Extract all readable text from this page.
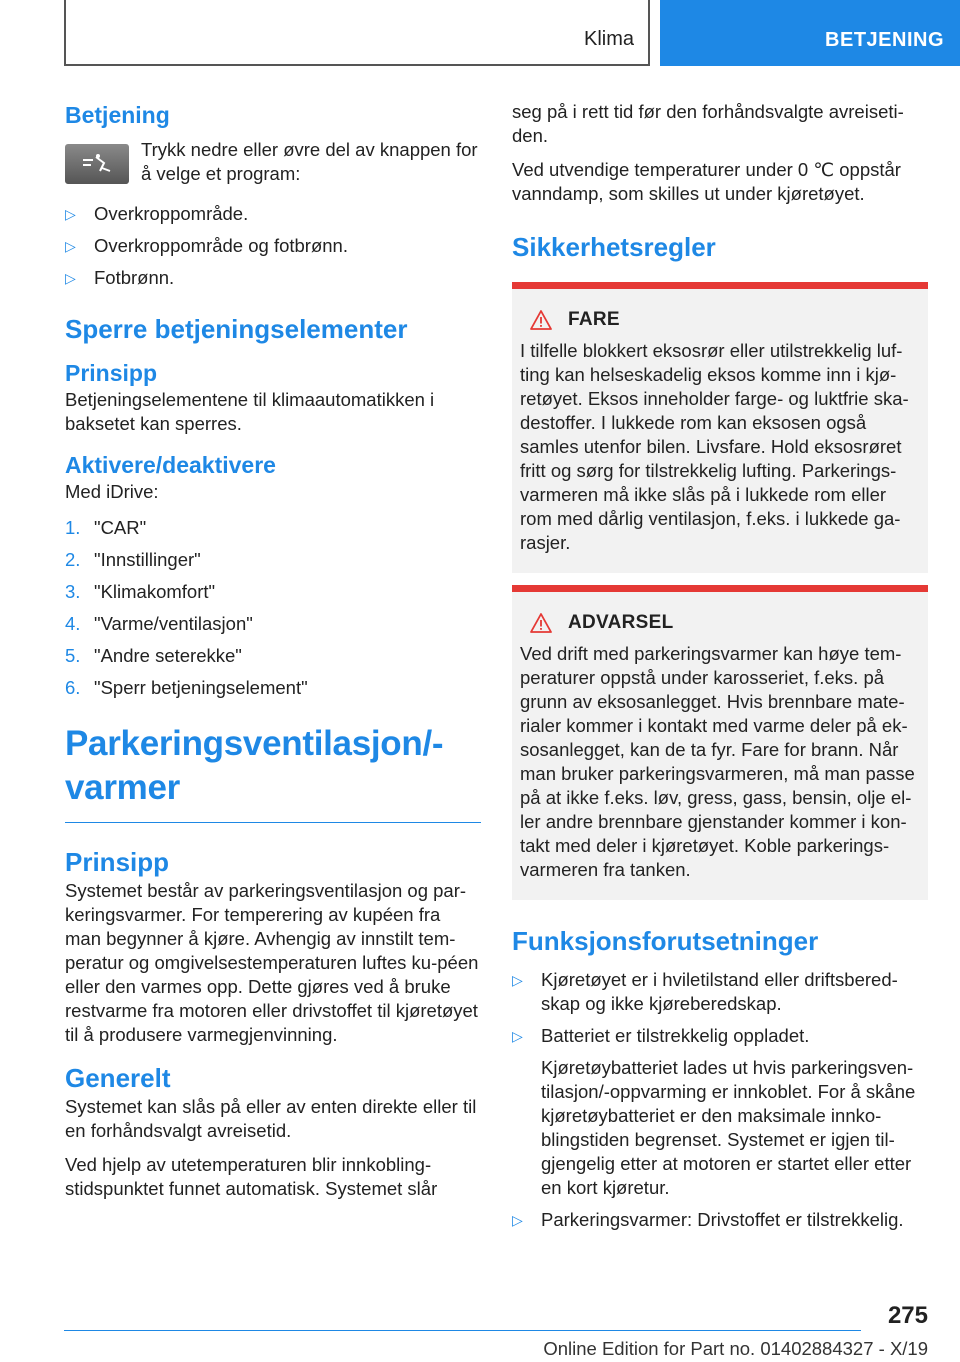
Klima	BETJENING
Betjening

Trykk nedre eller øvre del av knappen for å velge et program:

▷ Overkroppområde.
▷ Overkroppområde og fotbrønn.
▷ Fotbrønn.
Sperre betjeningselementer
Prinsipp

Betjeningselementene til klimaautomatikken i baksetet kan sperres.

Aktivere/deaktivere

Med iDrive:

1. "CAR"
2. "Innstillinger"
3. "Klimakomfort"
4. "Varme/ventilasjon"
5. "Andre seterekke"
6. "Sperr betjeningselement"
Parkeringsventilasjon/‐
varmer
Prinsipp

Systemet består av parkeringsventilasjon og par‐keringsvarmer. For temperering av kupéen fra man begynner å kjøre. Avhengig av innstilt tem‐peratur og omgivelsestemperaturen luftes ku‐péen eller den varmes opp. Dette gjøres ved å bruke restvarme fra motoren eller drivstoffet til kjøretøyet til å produsere varmegjenvinning.

Generelt

Systemet kan slås på eller av enten direkte eller til en forhåndsvalgt avreisetid.

Ved hjelp av utetemperaturen blir innkobling‐stidspunktet funnet automatisk. Systemet slår

seg på i rett tid før den forhåndsvalgte avreiseti‐den.

Ved utvendige temperaturer under 0 ℃ oppstår vanndamp, som skilles ut under kjøretøyet.

Sikkerhetsregler
FARE

I tilfelle blokkert eksosrør eller utilstrekkelig luf‐ting kan helseskadelig eksos komme inn i kjø‐retøyet. Eksos inneholder farge- og luktfrie ska‐destoffer. I lukkede rom kan eksosen også samles utenfor bilen. Livsfare. Hold eksosrøret fritt og sørg for tilstrekkelig lufting. Parkerings‐varmeren må ikke slås på i lukkede rom eller rom med dårlig ventilasjon, f.eks. i lukkede ga‐rasjer.

ADVARSEL

Ved drift med parkeringsvarmer kan høye tem‐peraturer oppstå under karosseriet, f.eks. på grunn av eksosanlegget. Hvis brennbare mate‐rialer kommer i kontakt med varme deler på ek‐sosanlegget, kan de ta fyr. Fare for brann. Når man bruker parkeringsvarmeren, må man passe på at ikke f.eks. løv, gress, gass, bensin, olje el‐ler andre brennbare gjenstander kommer i kon‐takt med deler i kjøretøyet. Koble parkerings‐varmeren fra tanken.

Funksjonsforutsetninger
▷ Kjøretøyet er i hviletilstand eller driftsbered‐skap og ikke kjøreberedskap.
▷ Batteriet er tilstrekkelig oppladet.

Kjøretøybatteriet lades ut hvis parkeringsven‐tilasjon/-oppvarming er innkoblet. For å skåne kjøretøybatteriet er den maksimale innko‐blingstiden begrenset. Systemet er igjen til‐gjengelig etter at motoren er startet eller etter en kort kjøretur.

▷ Parkeringsvarmer: Drivstoffet er tilstrekkelig.
275
Online Edition for Part no. 01402884327 - X/19
